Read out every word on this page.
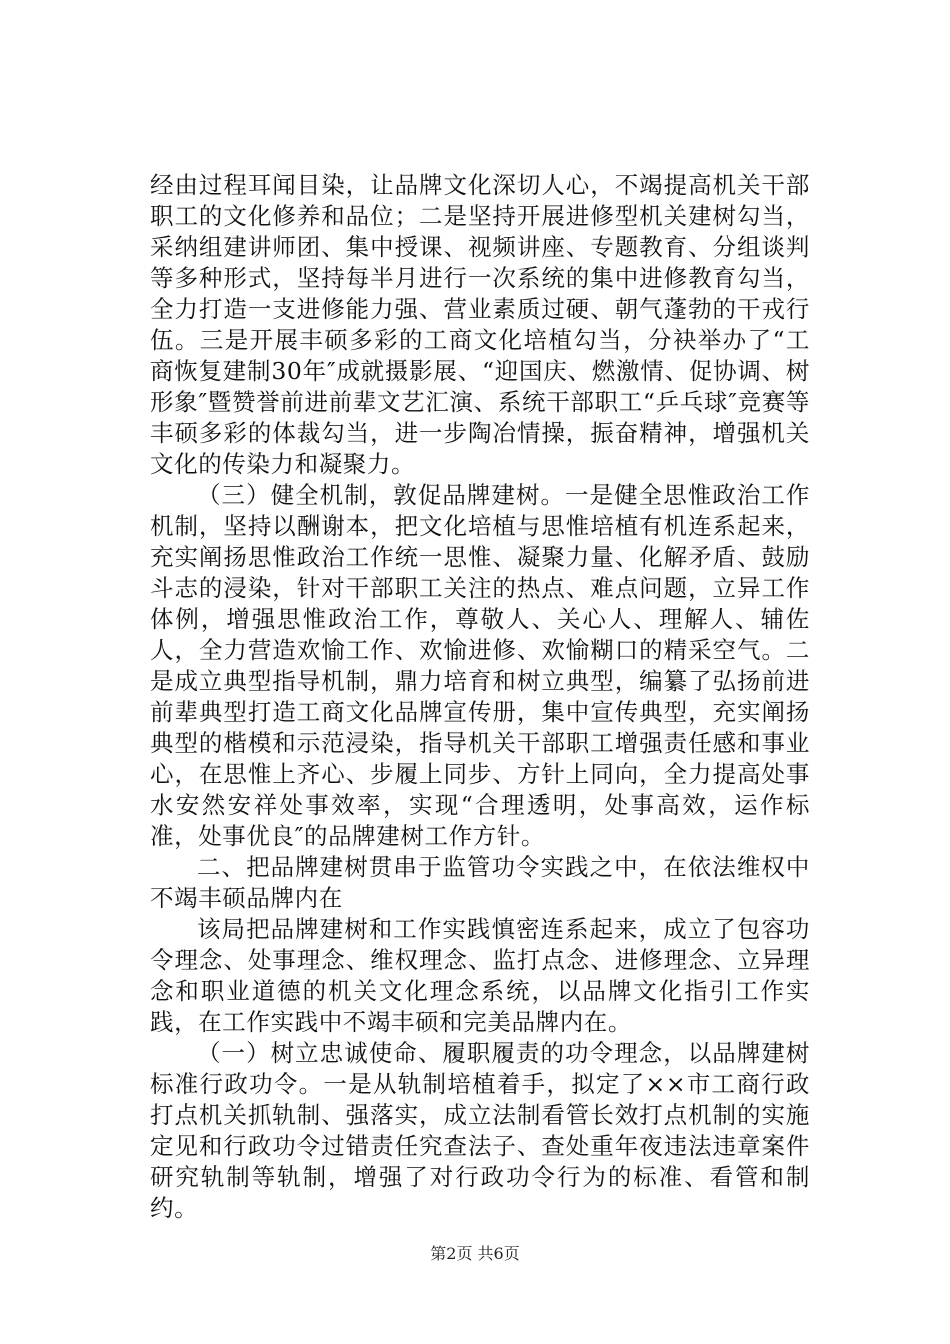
经由过程耳闻目染，让品牌文化深切人心，不竭提高机关干部职工的文化修养和品位；二是坚持开展进修型机关建树勾当，采纳组建讲师团、集中授课、视频讲座、专题教育、分组谈判等多种形式，坚持每半月进行一次系统的集中进修教育勾当，全力打造一支进修能力强、营业素质过硬、朝气蓬勃的干戎行伍。三是开展丰硕多彩的工商文化培植勾当，分袂举办了“工商恢复建制30年″成就摄影展、“迎国庆、燃激情、促协调、树形象″暨赞誉前进前辈文艺汇演、系统干部职工“乒乓球″竞赛等丰硕多彩的体裁勾当，进一步陶冶情操，振奋精神，增强机关文化的传染力和凝聚力。

（三）健全机制，敦促品牌建树。一是健全思惟政治工作机制，坚持以酬谢本，把文化培植与思惟培植有机连系起来，充实阐扬思惟政治工作统一思惟、凝聚力量、化解矛盾、鼓励斗志的浸染，针对干部职工关注的热点、难点问题，立异工作体例，增强思惟政治工作，尊敬人、关心人、理解人、辅佐人，全力营造欢愉工作、欢愉进修、欢愉糊口的精采空气。二是成立典型指导机制，鼎力培育和树立典型，编纂了弘扬前进前辈典型打造工商文化品牌宣传册，集中宣传典型，充实阐扬典型的楷模和示范浸染，指导机关干部职工增强责任感和事业心，在思惟上齐心、步履上同步、方针上同向，全力提高处事水安然安祥处事效率，实现“合理透明，处事高效，运作标准，处事优良″的品牌建树工作方针。

二、把品牌建树贯串于监管功令实践之中，在依法维权中不竭丰硕品牌内在

该局把品牌建树和工作实践慎密连系起来，成立了包容功令理念、处事理念、维权理念、监打点念、进修理念、立异理念和职业道德的机关文化理念系统，以品牌文化指引工作实践，在工作实践中不竭丰硕和完美品牌内在。

（一）树立忠诚使命、履职履责的功令理念，以品牌建树标准行政功令。一是从轨制培植着手，拟定了××市工商行政打点机关抓轨制、强落实，成立法制看管长效打点机制的实施定见和行政功令过错责任究查法子、查处重年夜违法违章案件研究轨制等轨制，增强了对行政功令行为的标准、看管和制约。

第2页 共6页
